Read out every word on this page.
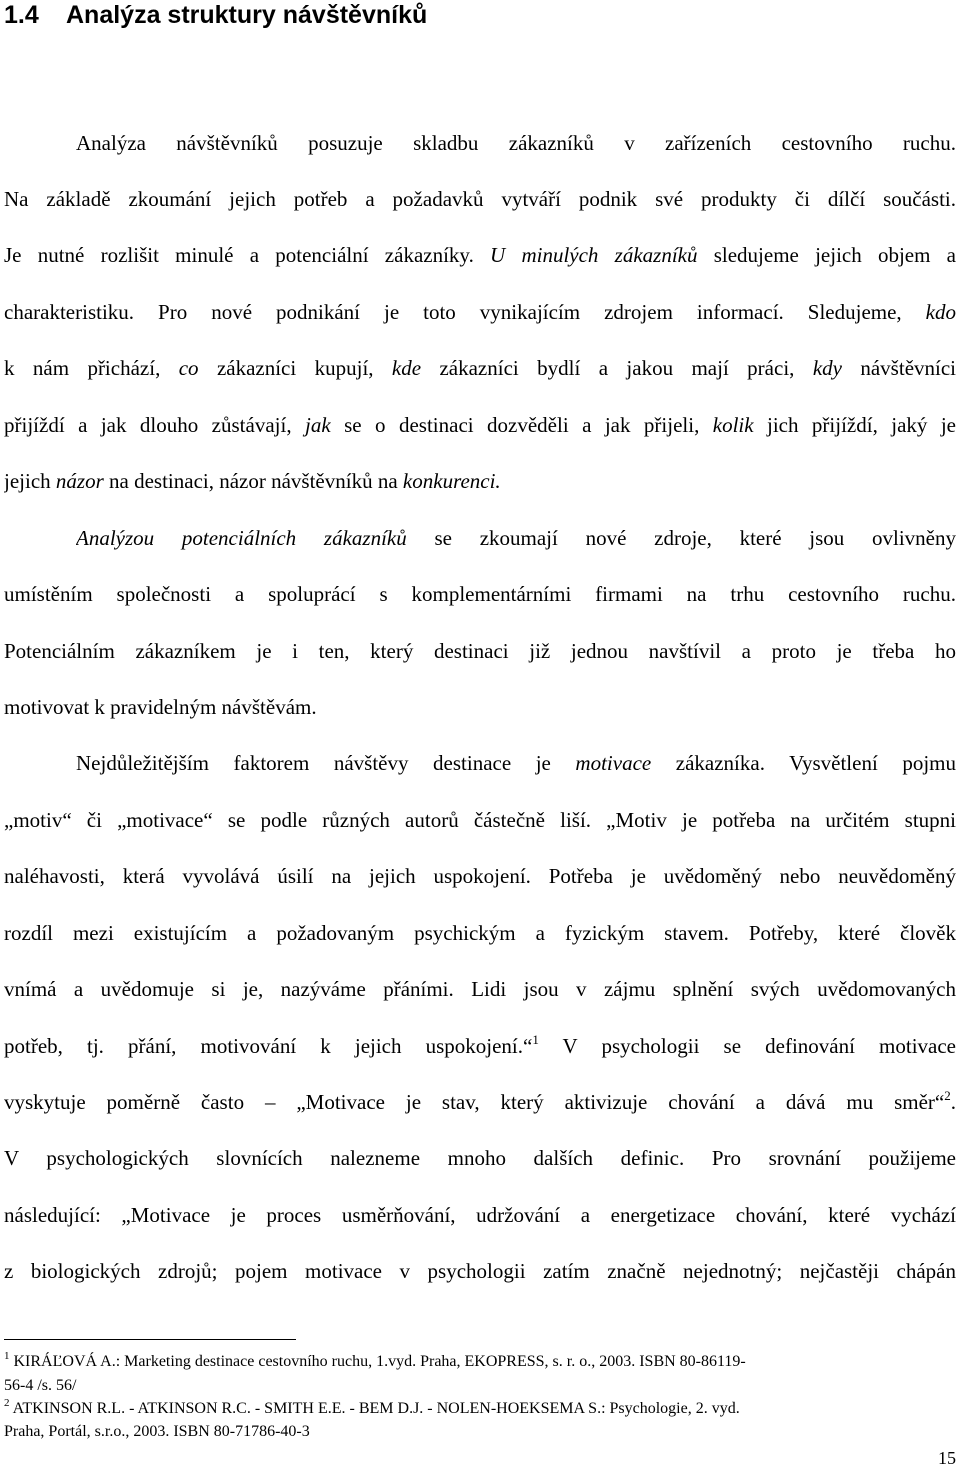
1.4 Analýza struktury návštěvníků

Analýza návštěvníků posuzuje skladbu zákazníků v zařízeních cestovního ruchu.

Na základě zkoumání jejich potřeb a požadavků vytváří podnik své produkty či dílčí součásti.

Je nutné rozlišit minulé a potenciální zákazníky. U minulých zákazníků sledujeme jejich objem a

charakteristiku. Pro nové podnikání je toto vynikajícím zdrojem informací. Sledujeme, kdo

k nám přichází, co zákazníci kupují, kde zákazníci bydlí a jakou mají práci, kdy návštěvníci

přijíždí a jak dlouho zůstávají, jak se o destinaci dozvěděli a jak přijeli, kolik jich přijíždí, jaký je

jejich názor na destinaci, názor návštěvníků na konkurenci.

Analýzou potenciálních zákazníků se zkoumají nové zdroje, které jsou ovlivněny

umístěním společnosti a spoluprácí s komplementárními firmami na trhu cestovního ruchu.

Potenciálním zákazníkem je i ten, který destinaci již jednou navštívil a proto je třeba ho

motivovat k pravidelným návštěvám.

Nejdůležitějším faktorem návštěvy destinace je motivace zákazníka. Vysvětlení pojmu

„motiv“ či „motivace“ se podle různých autorů částečně liší. „Motiv je potřeba na určitém stupni

naléhavosti, která vyvolává úsilí na jejich uspokojení. Potřeba je uvědoměný nebo neuvědoměný

rozdíl mezi existujícím a požadovaným psychickým a fyzickým stavem. Potřeby, které člověk

vnímá a uvědomuje si je, nazýváme přáními. Lidi jsou v zájmu splnění svých uvědomovaných

potřeb, tj. přání, motivování k jejich uspokojení.“$^1$ V psychologii se definování motivace

vyskytuje poměrně často – „Motivace je stav, který aktivizuje chování a dává mu směr“$^2$.

V psychologických slovnících nalezneme mnoho dalších definic. Pro srovnání použijeme

následující: „Motivace je proces usměrňování, udržování a energetizace chování, které vychází

z biologických zdrojů; pojem motivace v psychologii zatím značně nejednotný; nejčastěji chápán

$^1$ KIRÁĽOVÁ A.: Marketing destinace cestovního ruchu, 1.vyd. Praha, EKOPRESS, s. r. o., 2003. ISBN 80-86119-

56-4 /s. 56/

$^2$ ATKINSON R.L. - ATKINSON R.C. - SMITH E.E. - BEM D.J. - NOLEN-HOEKSEMA S.: Psychologie, 2. vyd.

Praha, Portál, s.r.o., 2003. ISBN 80-71786-40-3

15
